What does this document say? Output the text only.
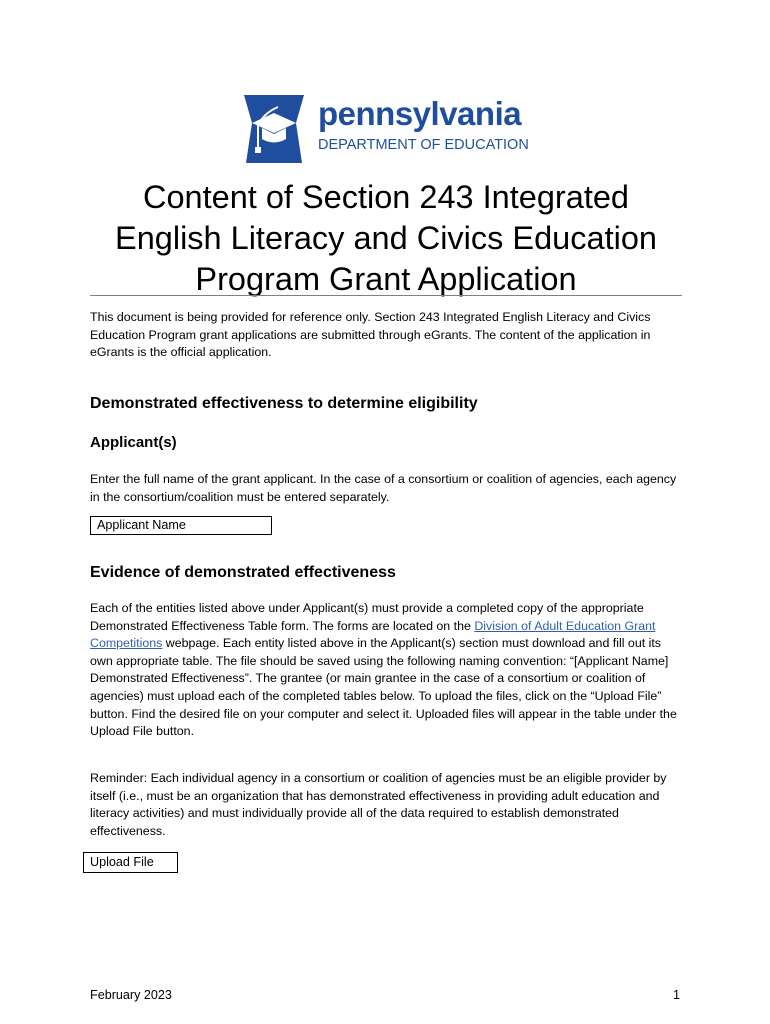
pennsylvania
DEPARTMENT OF EDUCATION
Content of Section 243 Integrated
English Literacy and Civics Education
Program Grant Application

This document is being provided for reference only. Section 243 Integrated English Literacy and Civics Education Program grant applications are submitted through eGrants. The content of the application in eGrants is the official application.

Demonstrated effectiveness to determine eligibility
Applicant(s)

Enter the full name of the grant applicant. In the case of a consortium or coalition of agencies, each agency in the consortium/coalition must be entered separately.

Applicant Name
Evidence of demonstrated effectiveness

Each of the entities listed above under Applicant(s) must provide a completed copy of the appropriate Demonstrated Effectiveness Table form. The forms are located on the Division of Adult Education Grant Competitions webpage. Each entity listed above in the Applicant(s) section must download and fill out its own appropriate table. The file should be saved using the following naming convention: “[Applicant Name] Demonstrated Effectiveness”. The grantee (or main grantee in the case of a consortium or coalition of agencies) must upload each of the completed tables below. To upload the files, click on the “Upload File” button. Find the desired file on your computer and select it. Uploaded files will appear in the table under the Upload File button.

Reminder: Each individual agency in a consortium or coalition of agencies must be an eligible provider by itself (i.e., must be an organization that has demonstrated effectiveness in providing adult education and literacy activities) and must individually provide all of the data required to establish demonstrated effectiveness.

Upload File
February 2023	1
